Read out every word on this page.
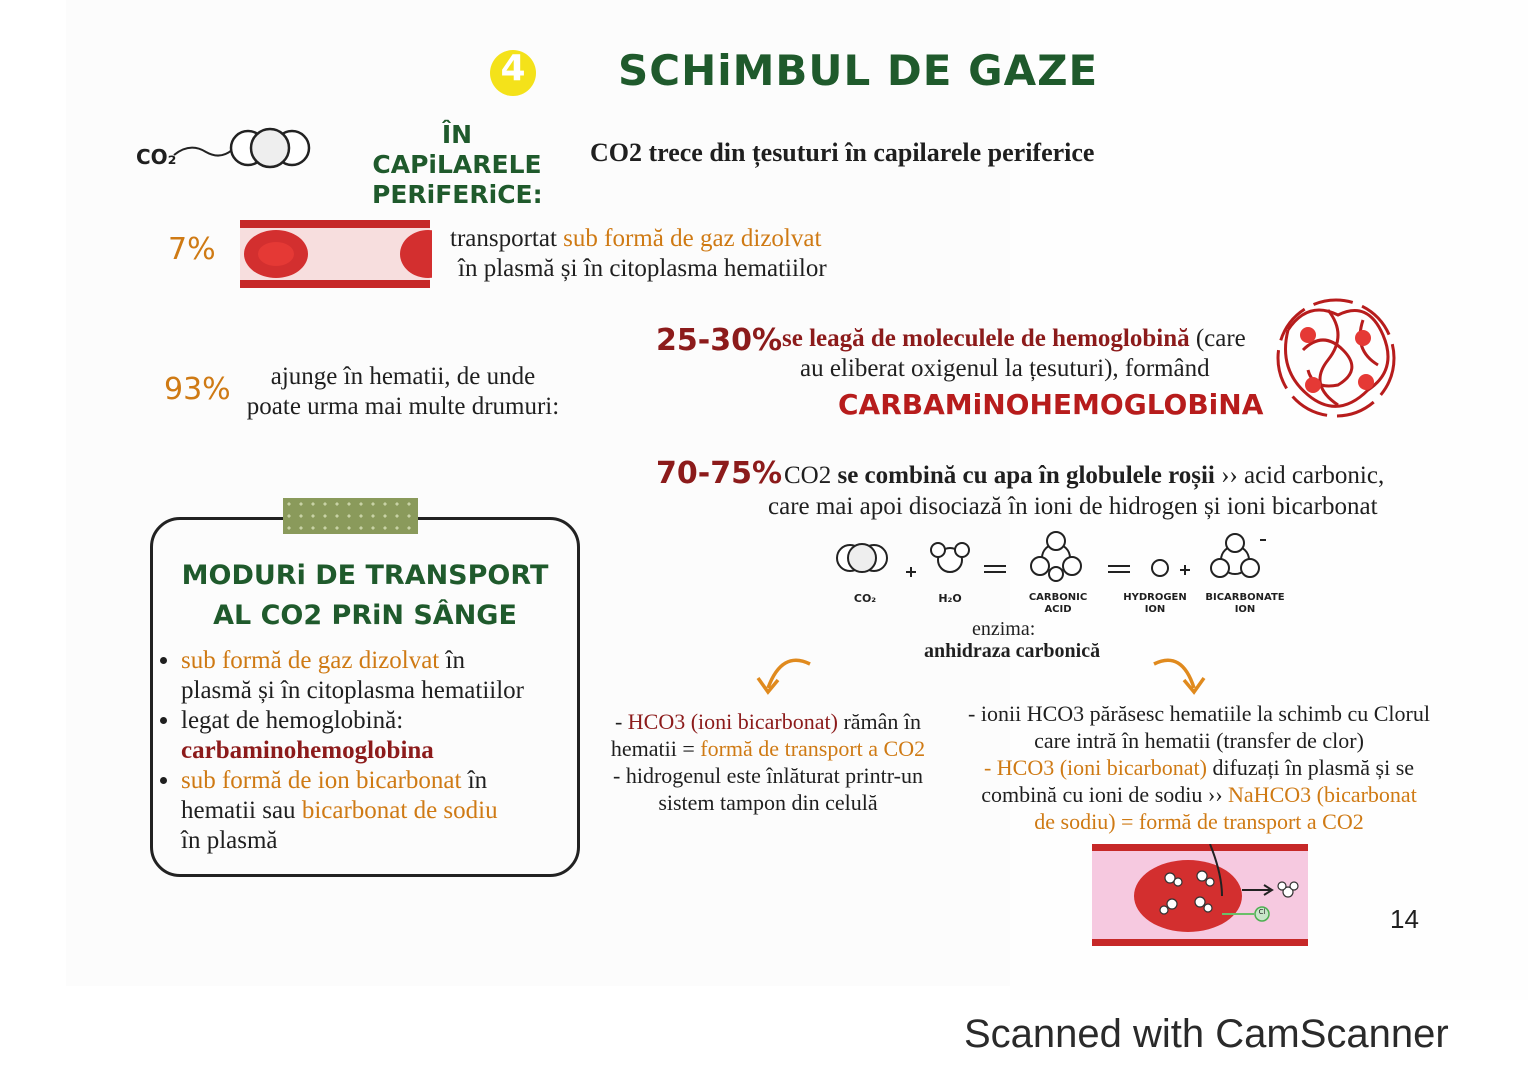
4 SCHiMBUL DE GAZE
CO₂
ÎN CAPiLARELE
PERiFERiCE:
CO2 trece din țesuturi în capilarele periferice
7%	transportat sub formă de gaz dizolvat
în plasmă și în citoplasma hematiilor
93%	ajunge în hematii, de unde
poate urma mai multe drumuri:
25-30% se leagă de moleculele de hemoglobină (care
au eliberat oxigenul la țesuturi), formând
CARBAMiNOHEMOGLOBiNA
70-75% CO2 se combină cu apa în globulele roșii ›› acid carbonic,
care mai apoi disociază în ioni de hidrogen și ioni bicarbonat
CO₂	H₂O	CARBONIC ACID
HYDROGEN ION
BICARBONATE ION
enzima:
anhidraza carbonică
- HCO3 (ioni bicarbonat) rămân în
hematii = formă de transport a CO2
- hidrogenul este înlăturat printr-un
sistem tampon din celulă
- ionii HCO3 părăsesc hematiile la schimb cu Clorul
care intră în hematii (transfer de clor)
- HCO3 (ioni bicarbonat) difuzați în plasmă și se
combină cu ioni de sodiu ›› NaHCO3 (bicarbonat
de sodiu) = formă de transport a CO2
Cl
MODURi DE TRANSPORT
AL CO2 PRiN SÂNGE
• sub formă de gaz dizolvat în
plasmă și în citoplasma hematiilor
• legat de hemoglobină:
carbaminohemoglobina
• sub formă de ion bicarbonat în
hematii sau bicarbonat de sodiu
în plasmă
14
Scanned with CamScanner
